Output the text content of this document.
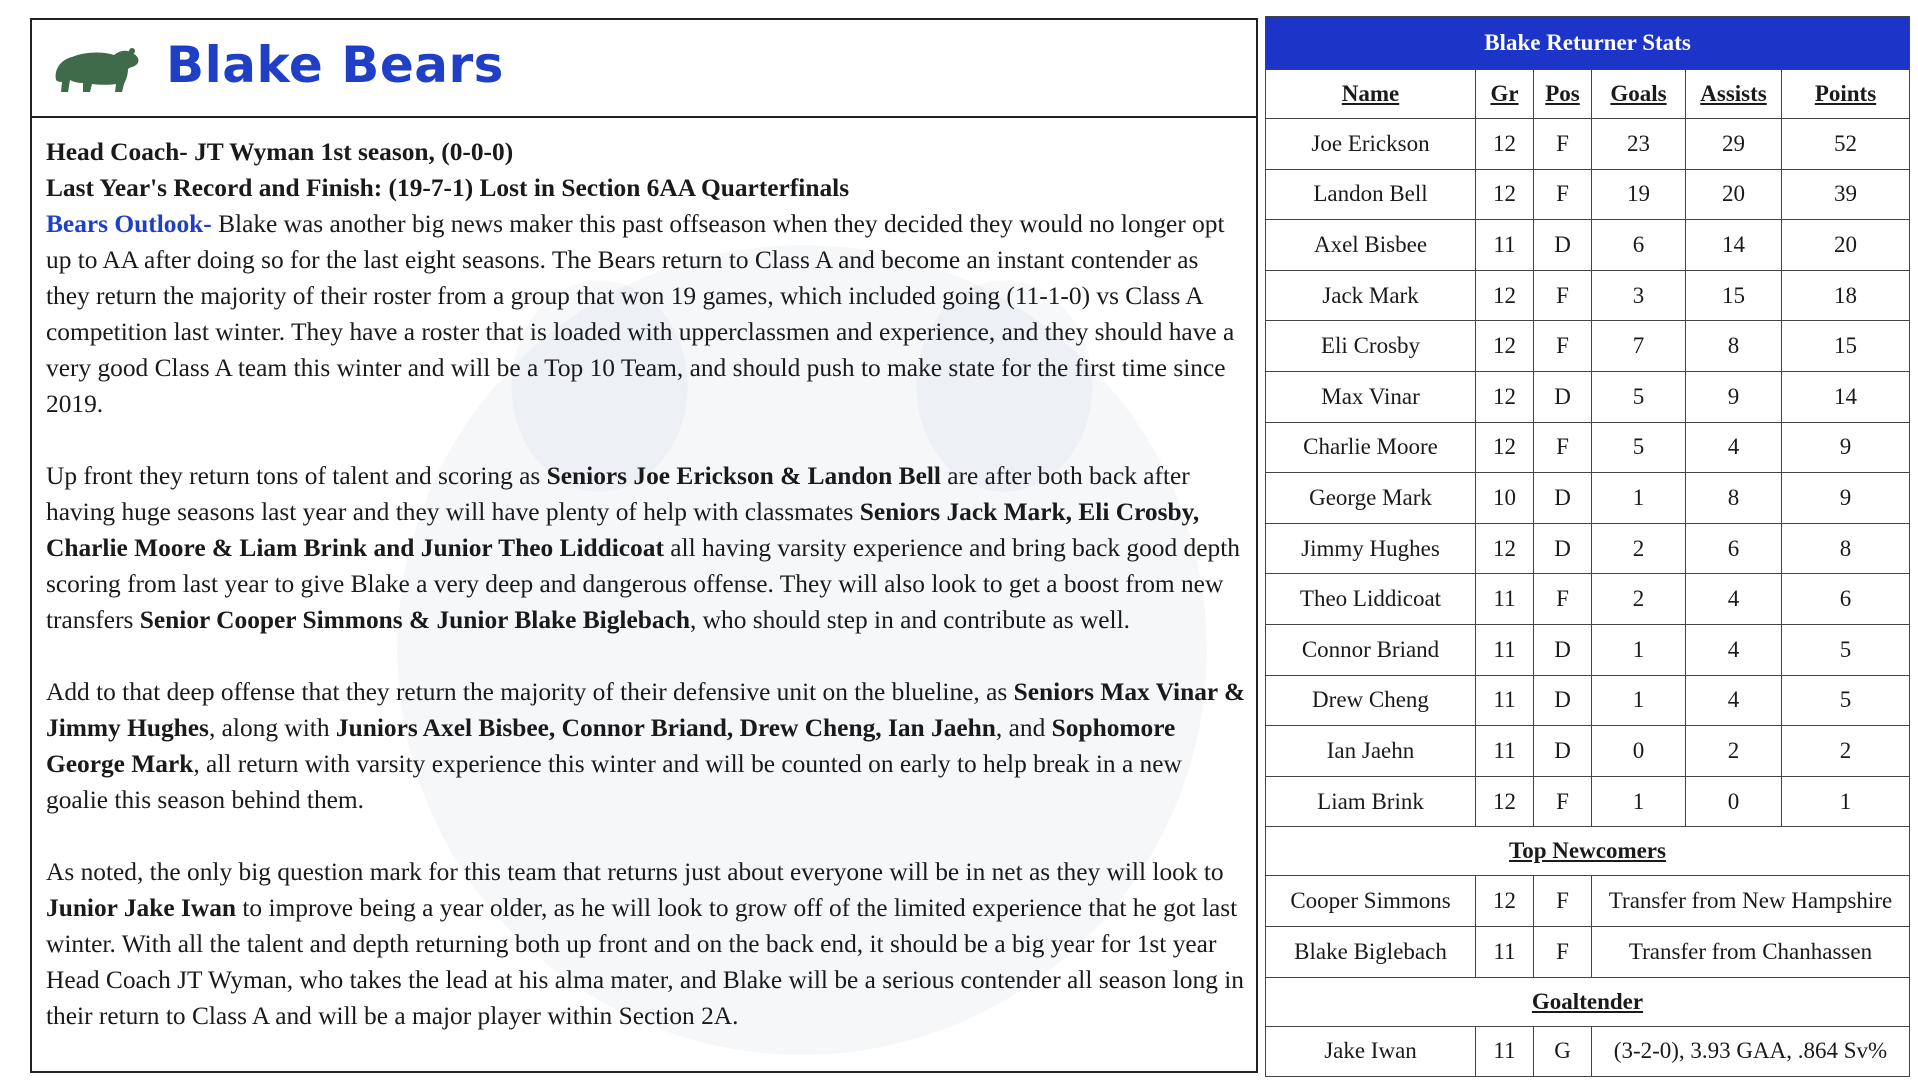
Blake Bears

Head Coach- JT Wyman 1st season, (0-0-0)

Last Year's Record and Finish: (19-7-1) Lost in Section 6AA Quarterfinals

Bears Outlook- Blake was another big news maker this past offseason when they decided they would no longer opt up to AA after doing so for the last eight seasons. The Bears return to Class A and become an instant contender as they return the majority of their roster from a group that won 19 games, which included going (11-1-0) vs Class A competition last winter. They have a roster that is loaded with upperclassmen and experience, and they should have a very good Class A team this winter and will be a Top 10 Team, and should push to make state for the first time since 2019.

Up front they return tons of talent and scoring as Seniors Joe Erickson & Landon Bell are after both back after having huge seasons last year and they will have plenty of help with classmates Seniors Jack Mark, Eli Crosby, Charlie Moore & Liam Brink and Junior Theo Liddicoat all having varsity experience and bring back good depth scoring from last year to give Blake a very deep and dangerous offense. They will also look to get a boost from new transfers Senior Cooper Simmons & Junior Blake Biglebach, who should step in and contribute as well.

Add to that deep offense that they return the majority of their defensive unit on the blueline, as Seniors Max Vinar & Jimmy Hughes, along with Juniors Axel Bisbee, Connor Briand, Drew Cheng, Ian Jaehn, and Sophomore George Mark, all return with varsity experience this winter and will be counted on early to help break in a new goalie this season behind them.

As noted, the only big question mark for this team that returns just about everyone will be in net as they will look to Junior Jake Iwan to improve being a year older, as he will look to grow off of the limited experience that he got last winter. With all the talent and depth returning both up front and on the back end, it should be a big year for 1st year Head Coach JT Wyman, who takes the lead at his alma mater, and Blake will be a serious contender all season long in their return to Class A and will be a major player within Section 2A.

Blake Returner Stats					
Name	Gr	Pos	Goals	Assists	Points
Joe Erickson	12	F	23	29	52
Landon Bell	12	F	19	20	39
Axel Bisbee	11	D	6	14	20
Jack Mark	12	F	3	15	18
Eli Crosby	12	F	7	8	15
Max Vinar	12	D	5	9	14
Charlie Moore	12	F	5	4	9
George Mark	10	D	1	8	9
Jimmy Hughes	12	D	2	6	8
Theo Liddicoat	11	F	2	4	6
Connor Briand	11	D	1	4	5
Drew Cheng	11	D	1	4	5
Ian Jaehn	11	D	0	2	2
Liam Brink	12	F	1	0	1
Top Newcomers					
Cooper Simmons	12	F	Transfer from New Hampshire		
Blake Biglebach	11	F	Transfer from Chanhassen		
Goaltender					
Jake Iwan	11	G	(3-2-0), 3.93 GAA, .864 Sv%		
